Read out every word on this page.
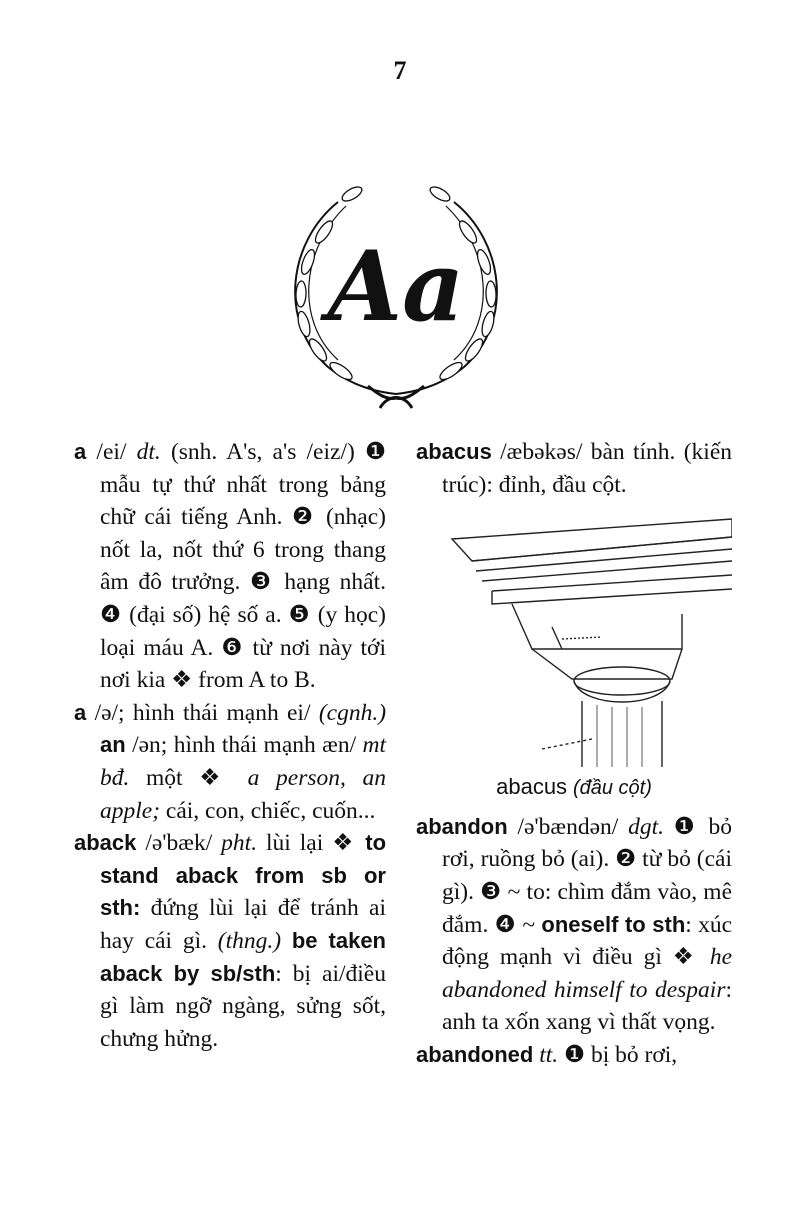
7
Aa

a /ei/ dt. (snh. A's, a's /eiz/) ❶ mẫu tự thứ nhất trong bảng chữ cái tiếng Anh. ❷ (nhạc) nốt la, nốt thứ 6 trong thang âm đô trưởng. ❸ hạng nhất. ❹ (đại số) hệ số a. ❺ (y học) loại máu A. ❻ từ nơi này tới nơi kia ❖ from A to B.

a /ə/; hình thái mạnh ei/ (cgnh.) an /ən; hình thái mạnh æn/ mt bđ. một ❖ a person, an apple; cái, con, chiếc, cuốn...

aback /ə'bæk/ pht. lùi lại ❖ to stand aback from sb or sth: đứng lùi lại để tránh ai hay cái gì. (thng.) be taken aback by sb/sth: bị ai/điều gì làm ngỡ ngàng, sửng sốt, chưng hửng.

abacus /æbəkəs/ bàn tính. (kiến trúc): đỉnh, đầu cột.

abacus (đầu cột)

abandon /ə'bændən/ dgt. ❶ bỏ rơi, ruồng bỏ (ai). ❷ từ bỏ (cái gì). ❸ ~ to: chìm đắm vào, mê đắm. ❹ ~ oneself to sth: xúc động mạnh vì điều gì ❖ he abandoned himself to despair: anh ta xốn xang vì thất vọng.

abandoned tt. ❶ bị bỏ rơi,
